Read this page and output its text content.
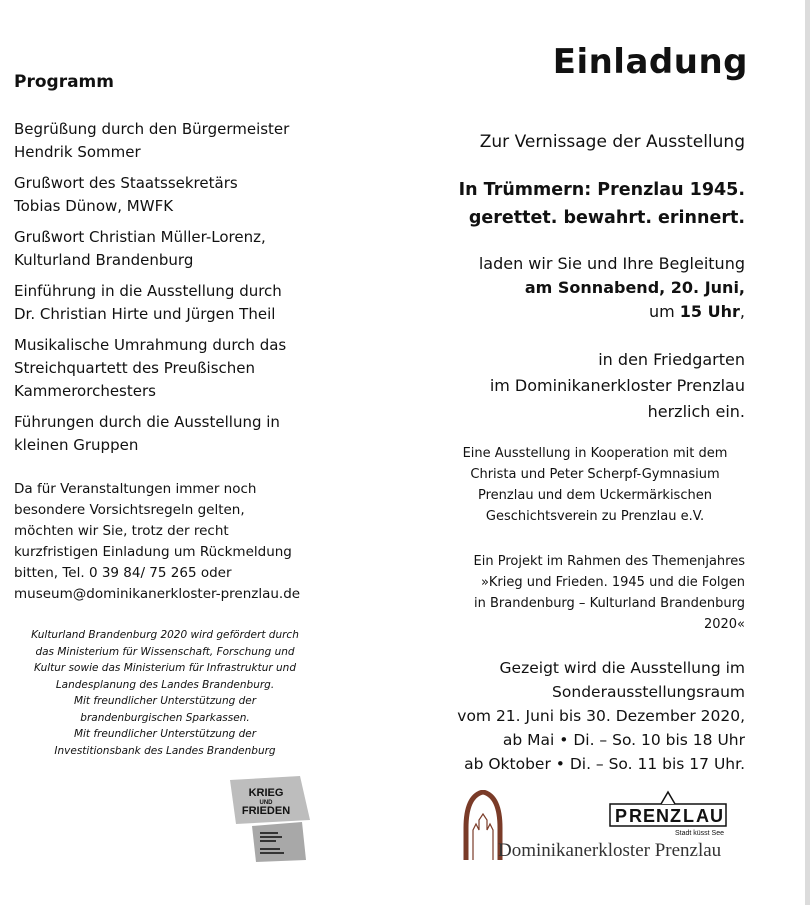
Programm
Begrüßung durch den Bürgermeister
Hendrik Sommer
Grußwort des Staatssekretärs
Tobias Dünow, MWFK
Grußwort Christian Müller-Lorenz,
Kulturland Brandenburg
Einführung in die Ausstellung durch
Dr. Christian Hirte und Jürgen Theil
Musikalische Umrahmung durch das
Streichquartett des Preußischen
Kammerorchesters
Führungen durch die Ausstellung in
kleinen Gruppen
Da für Veranstaltungen immer noch
besondere Vorsichtsregeln gelten,
möchten wir Sie, trotz der recht
kurzfristigen Einladung um Rückmeldung
bitten, Tel. 0 39 84/ 75 265 oder
museum@dominikanerkloster-prenzlau.de
Kulturland Brandenburg 2020 wird gefördert durch
das Ministerium für Wissenschaft, Forschung und
Kultur sowie das Ministerium für Infrastruktur und
Landesplanung des Landes Brandenburg.
Mit freundlicher Unterstützung der
brandenburgischen Sparkassen.
Mit freundlicher Unterstützung der
Investitionsbank des Landes Brandenburg
KRIEG
UND
FRIEDEN
Einladung
Zur Vernissage der Ausstellung
In Trümmern: Prenzlau 1945.
gerettet. bewahrt. erinnert.
laden wir Sie und Ihre Begleitung
am Sonnabend, 20. Juni,
um 15 Uhr,
in den Friedgarten
im Dominikanerkloster Prenzlau
herzlich ein.
Eine Ausstellung in Kooperation mit dem
Christa und Peter Scherpf-Gymnasium
Prenzlau und dem Uckermärkischen
Geschichtsverein zu Prenzlau e.V.
Ein Projekt im Rahmen des Themenjahres
»Krieg und Frieden. 1945 und die Folgen
in Brandenburg – Kulturland Brandenburg
2020«
Gezeigt wird die Ausstellung im
Sonderausstellungsraum
vom 21. Juni bis 30. Dezember 2020,
ab Mai • Di. – So. 10 bis 18 Uhr
ab Oktober • Di. – So. 11 bis 17 Uhr.
Dominikanerkloster Prenzlau
P R E N Z L A U
Stadt küsst See
